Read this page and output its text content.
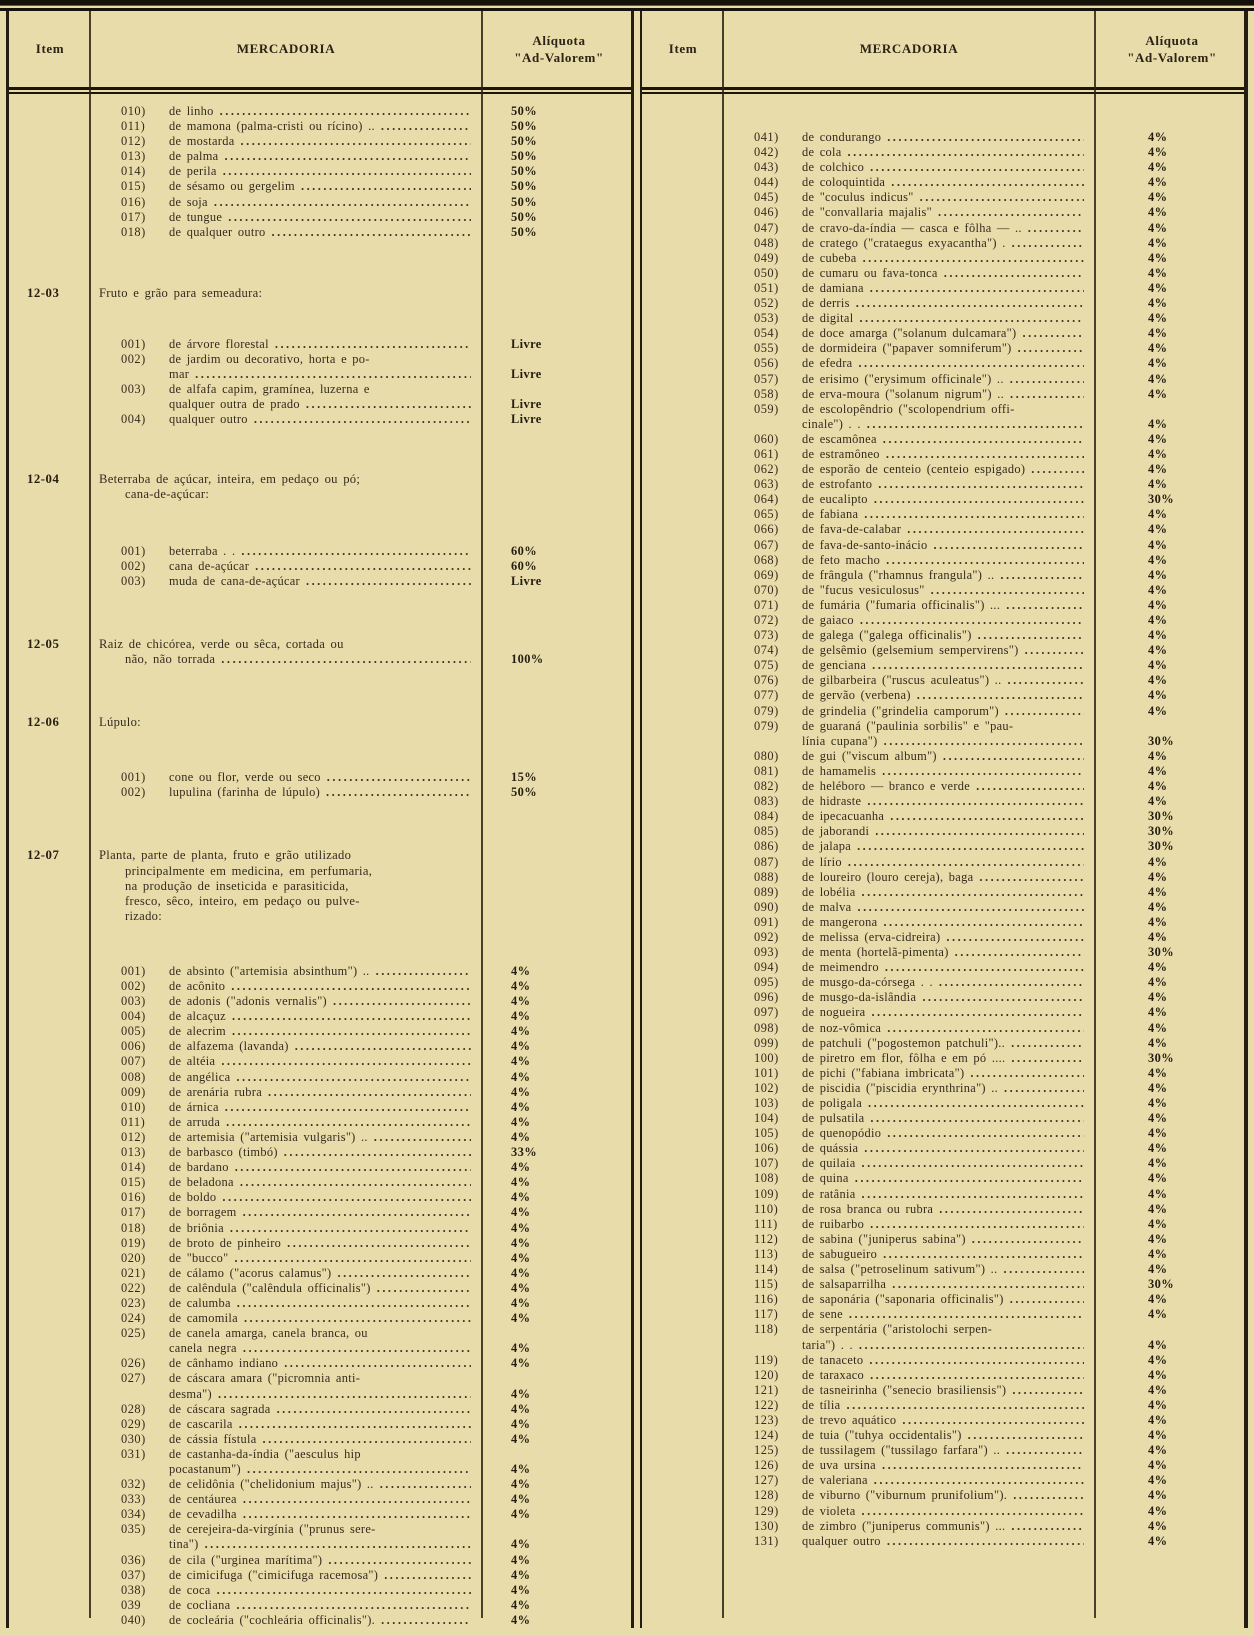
Item	MERCADORIA
Alíquota
"Ad-Valorem"
010)	de linho .....	50%
011)	de mamona (palma-cristi ou rícino) .. .....	50%
012)	de mostarda .....	50%
013)	de palma .....	50%
014)	de perila .....	50%
015)	de sésamo ou gergelim .....	50%
016)	de soja .....	50%
017)	de tungue .....	50%
018)	de qualquer outro .....	50%
12-03	Fruto e grão para semeadura:
001)	de árvore florestal .....	Livre
002)	de jardim ou decorativo, horta e po-
mar .....	Livre
003)	de alfafa capim, gramínea, luzerna e
qualquer outra de prado .....	Livre
004)	qualquer outro .....	Livre
12-04	Beterraba de açúcar, inteira, em pedaço ou pó;
cana-de-açúcar:
001)	beterraba . . .....	60%
002)	cana de-açúcar .....	60%
003)	muda de cana-de-açúcar .....	Livre
12-05	Raiz de chicórea, verde ou sêca, cortada ou
não, não torrada .....	100%
12-06	Lúpulo:
001)	cone ou flor, verde ou seco .....	15%
002)	lupulina (farinha de lúpulo) .....	50%
12-07	Planta, parte de planta, fruto e grão utilizado
principalmente em medicina, em perfumaria,
na produção de inseticida e parasiticida,
fresco, sêco, inteiro, em pedaço ou pulve-
rizado:
001)	de absinto ("artemisia absinthum") .. .....	4%
002)	de acônito .....	4%
003)	de adonis ("adonis vernalis") .....	4%
004)	de alcaçuz .....	4%
005)	de alecrim .....	4%
006)	de alfazema (lavanda) .....	4%
007)	de altéia .....	4%
008)	de angélica .....	4%
009)	de arenária rubra .....	4%
010)	de árnica .....	4%
011)	de arruda .....	4%
012)	de artemisia ("artemisia vulgaris") .. .....	4%
013)	de barbasco (timbó) .....	33%
014)	de bardano .....	4%
015)	de beladona .....	4%
016)	de boldo .....	4%
017)	de borragem .....	4%
018)	de briônia .....	4%
019)	de broto de pinheiro .....	4%
020)	de "bucco" .....	4%
021)	de cálamo ("acorus calamus") .....	4%
022)	de calêndula ("calêndula officinalis") .....	4%
023)	de calumba .....	4%
024)	de camomila .....	4%
025)	de canela amarga, canela branca, ou
canela negra .....	4%
026)	de cânhamo indiano .....	4%
027)	de cáscara amara ("picromnia anti-
desma") .....	4%
028)	de cáscara sagrada .....	4%
029)	de cascarila .....	4%
030)	de cássia fístula .....	4%
031)	de castanha-da-índia ("aesculus hip
pocastanum") .....	4%
032)	de celidônia ("chelidonium majus") .. .....	4%
033)	de centáurea .....	4%
034)	de cevadilha .....	4%
035)	de cerejeira-da-virgínia ("prunus sere-
tina") .....	4%
036)	de cila ("urginea marítima") .....	4%
037)	de cimicifuga ("cimicifuga racemosa") .....	4%
038)	de coca .....	4%
039	de cocliana .....	4%
040)	de cocleária ("cochleária officinalis"). .....	4%
Item	MERCADORIA
Alíquota
"Ad-Valorem"
041)	de condurango .....	4%
042)	de cola .....	4%
043)	de colchico .....	4%
044)	de coloquintida .....	4%
045)	de "coculus indicus" .....	4%
046)	de "convallaria majalis" .....	4%
047)	de cravo-da-índia — casca e fôlha — .. .....	4%
048)	de cratego ("crataegus exyacantha") . .....	4%
049)	de cubeba .....	4%
050)	de cumaru ou fava-tonca .....	4%
051)	de damiana .....	4%
052)	de derris .....	4%
053)	de digital .....	4%
054)	de doce amarga ("solanum dulcamara") .....	4%
055)	de dormideira ("papaver somniferum") .....	4%
056)	de efedra .....	4%
057)	de erisimo ("erysimum officinale") .. .....	4%
058)	de erva-moura ("solanum nigrum") .. .....	4%
059)	de escolopêndrio ("scolopendrium offi-
cinale") . . .....	4%
060)	de escamônea .....	4%
061)	de estramôneo .....	4%
062)	de esporão de centeio (centeio espigado) .....	4%
063)	de estrofanto .....	4%
064)	de eucalipto .....	30%
065)	de fabiana .....	4%
066)	de fava-de-calabar .....	4%
067)	de fava-de-santo-inácio .....	4%
068)	de feto macho .....	4%
069)	de frângula ("rhamnus frangula") .. .....	4%
070)	de "fucus vesiculosus" .....	4%
071)	de fumária ("fumaria officinalis") ... .....	4%
072)	de gaiaco .....	4%
073)	de galega ("galega officinalis") .....	4%
074)	de gelsêmio (gelsemium sempervirens") .....	4%
075)	de genciana .....	4%
076)	de gilbarbeira ("ruscus aculeatus") .. .....	4%
077)	de gervão (verbena) .....	4%
079)	de grindelia ("grindelia camporum") .....	4%
079)	de guaraná ("paulinia sorbilis" e "pau-
línia cupana") .....	30%
080)	de gui ("viscum album") .....	4%
081)	de hamamelis .....	4%
082)	de heléboro — branco e verde .....	4%
083)	de hidraste .....	4%
084)	de ipecacuanha .....	30%
085)	de jaborandi .....	30%
086)	de jalapa .....	30%
087)	de lírio .....	4%
088)	de loureiro (louro cereja), baga .....	4%
089)	de lobélia .....	4%
090)	de malva .....	4%
091)	de mangerona .....	4%
092)	de melissa (erva-cidreira) .....	4%
093)	de menta (hortelã-pimenta) .....	30%
094)	de meimendro .....	4%
095)	de musgo-da-córsega . . .....	4%
096)	de musgo-da-islândia .....	4%
097)	de nogueira .....	4%
098)	de noz-vômica .....	4%
099)	de patchuli ("pogostemon patchuli").. .....	4%
100)	de piretro em flor, fôlha e em pó .... .....	30%
101)	de pichi ("fabiana imbricata") .....	4%
102)	de piscidia ("piscidia erynthrina") .. .....	4%
103)	de poligala .....	4%
104)	de pulsatila .....	4%
105)	de quenopódio .....	4%
106)	de quássia .....	4%
107)	de quilaia .....	4%
108)	de quina .....	4%
109)	de ratânia .....	4%
110)	de rosa branca ou rubra .....	4%
111)	de ruibarbo .....	4%
112)	de sabina ("juniperus sabina") .....	4%
113)	de sabugueiro .....	4%
114)	de salsa ("petroselinum sativum") .. .....	4%
115)	de salsaparrilha .....	30%
116)	de saponária ("saponaria officinalis") .....	4%
117)	de sene .....	4%
118)	de serpentária ("aristolochi serpen-
taria") . . .....	4%
119)	de tanaceto .....	4%
120)	de taraxaco .....	4%
121)	de tasneirinha ("senecio brasiliensis") .....	4%
122)	de tília .....	4%
123)	de trevo aquático .....	4%
124)	de tuia ("tuhya occidentalis") .....	4%
125)	de tussilagem ("tussilago farfara") .. .....	4%
126)	de uva ursina .....	4%
127)	de valeriana .....	4%
128)	de viburno ("viburnum prunifolium"). .....	4%
129)	de violeta .....	4%
130)	de zimbro ("juniperus communis") ... .....	4%
131)	qualquer outro .....	4%
